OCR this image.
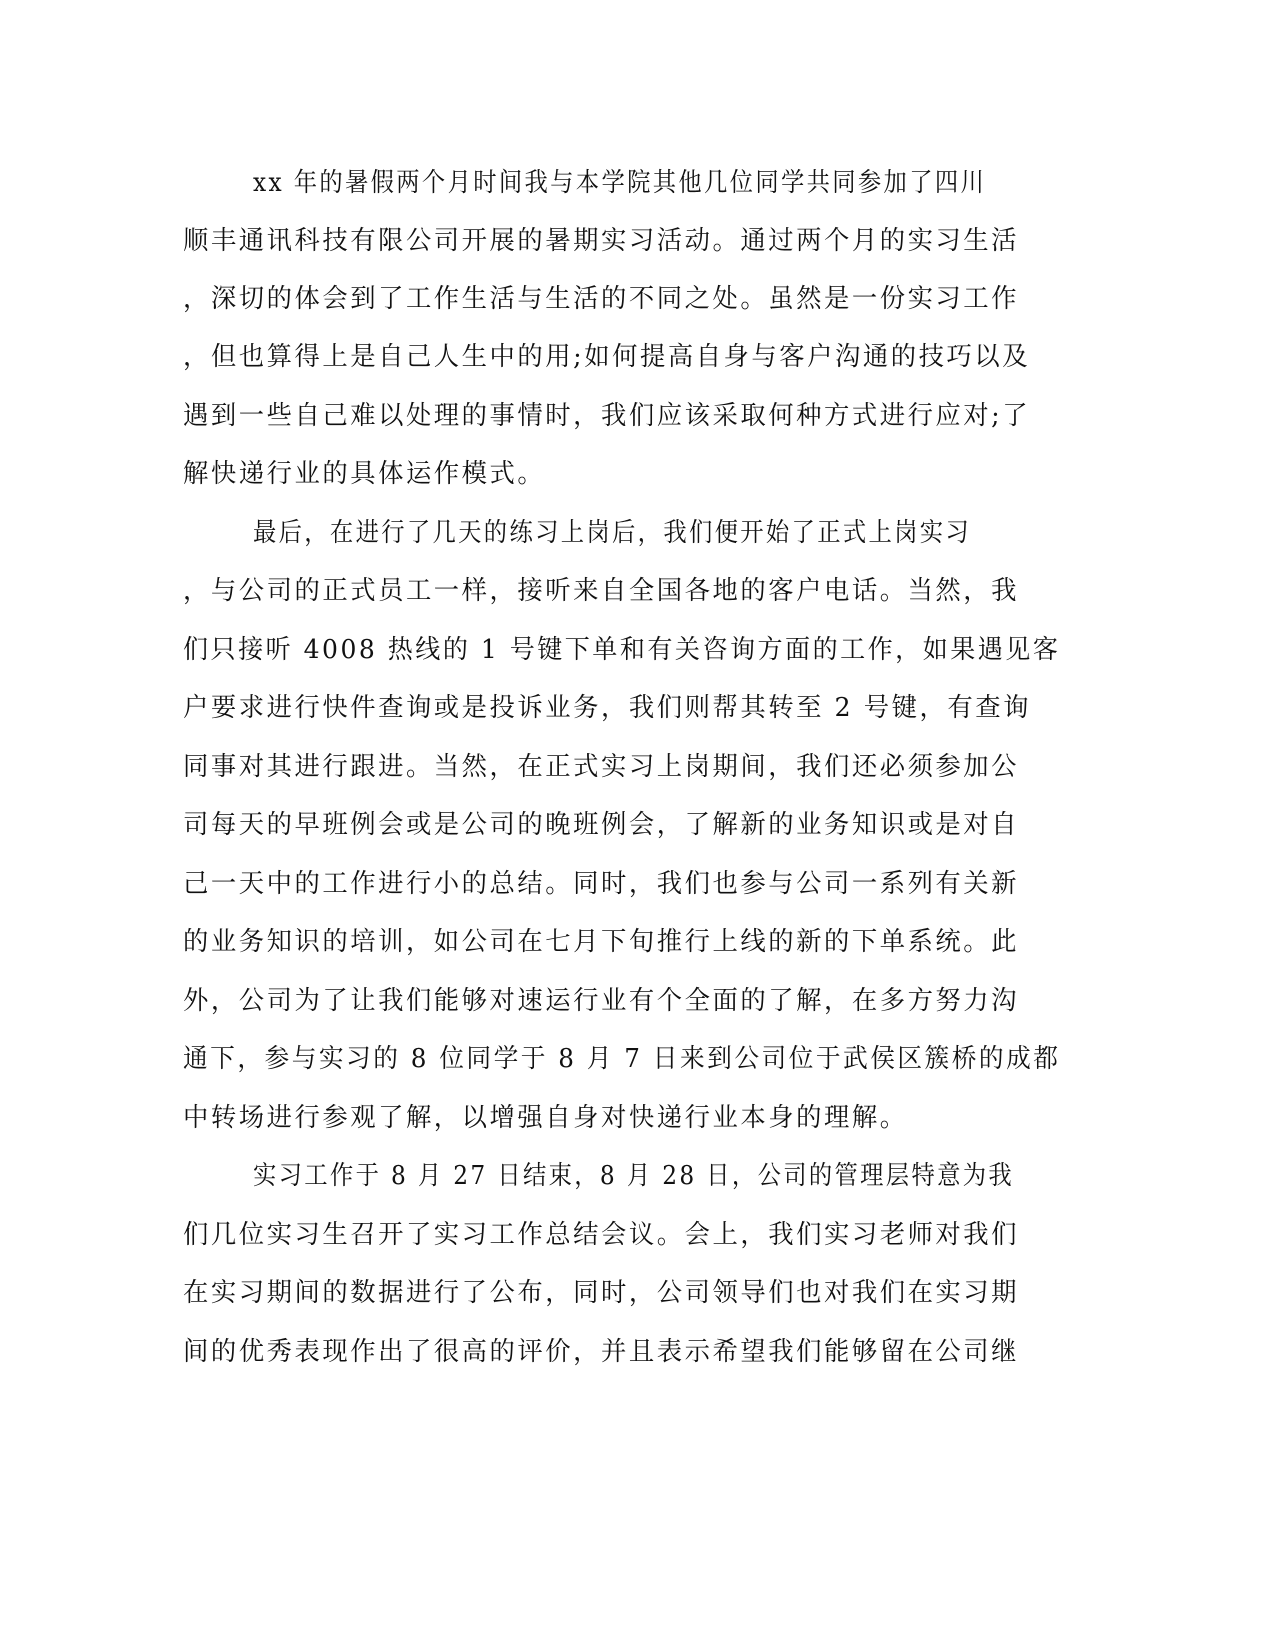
xx 年的暑假两个月时间我与本学院其他几位同学共同参加了四川

顺丰通讯科技有限公司开展的暑期实习活动。通过两个月的实习生活

，深切的体会到了工作生活与生活的不同之处。虽然是一份实习工作

，但也算得上是自己人生中的用;如何提高自身与客户沟通的技巧以及

遇到一些自己难以处理的事情时，我们应该采取何种方式进行应对;了

解快递行业的具体运作模式。

最后，在进行了几天的练习上岗后，我们便开始了正式上岗实习

，与公司的正式员工一样，接听来自全国各地的客户电话。当然，我

们只接听 4008 热线的 1 号键下单和有关咨询方面的工作，如果遇见客

户要求进行快件查询或是投诉业务，我们则帮其转至 2 号键，有查询

同事对其进行跟进。当然，在正式实习上岗期间，我们还必须参加公

司每天的早班例会或是公司的晚班例会，了解新的业务知识或是对自

己一天中的工作进行小的总结。同时，我们也参与公司一系列有关新

的业务知识的培训，如公司在七月下旬推行上线的新的下单系统。此

外，公司为了让我们能够对速运行业有个全面的了解，在多方努力沟

通下，参与实习的 8 位同学于 8 月 7 日来到公司位于武侯区簇桥的成都

中转场进行参观了解，以增强自身对快递行业本身的理解。

实习工作于 8 月 27 日结束，8 月 28 日，公司的管理层特意为我

们几位实习生召开了实习工作总结会议。会上，我们实习老师对我们

在实习期间的数据进行了公布，同时，公司领导们也对我们在实习期

间的优秀表现作出了很高的评价，并且表示希望我们能够留在公司继
